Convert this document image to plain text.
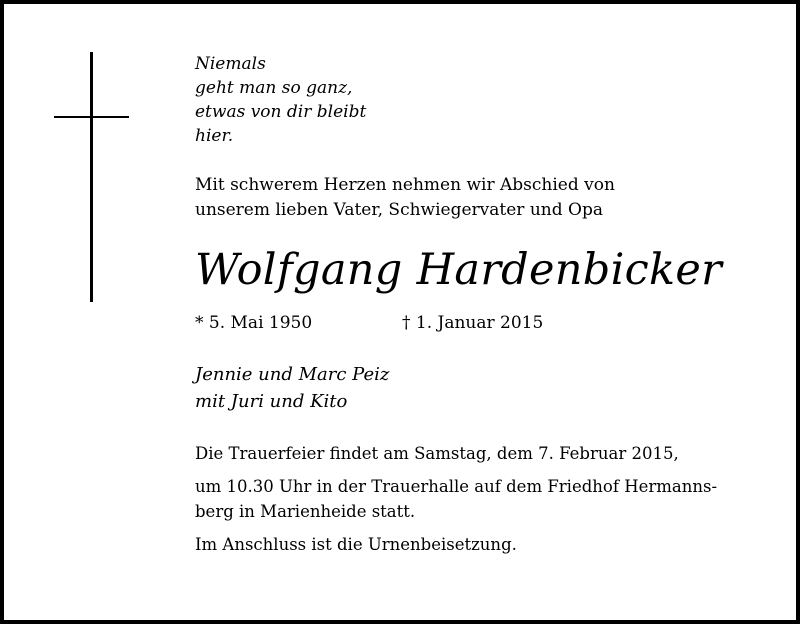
Niemals
geht man so ganz,
etwas von dir bleibt
hier.
Mit schwerem Herzen nehmen wir Abschied von
unserem lieben Vater, Schwiegervater und Opa
Wolfgang Hardenbicker
* 5. Mai 1950	† 1. Januar 2015
Jennie und Marc Peiz
mit Juri und Kito

Die Trauerfeier findet am Samstag, dem 7. Februar 2015,

um 10.30 Uhr in der Trauerhalle auf dem Friedhof Hermanns-
berg in Marienheide statt.

Im Anschluss ist die Urnenbeisetzung.
